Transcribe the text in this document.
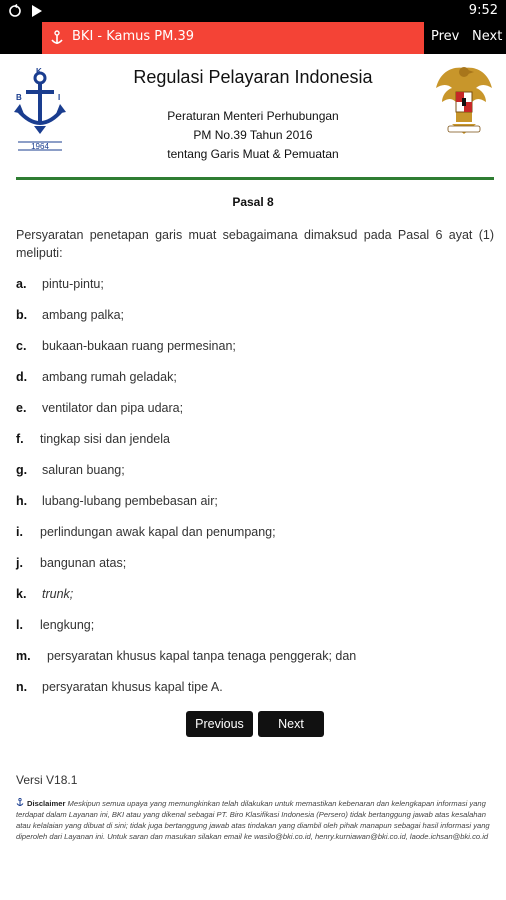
9:52
BKI - Kamus PM.39	Prev Next
B
K
I
1964
Regulasi Pelayaran Indonesia
Peraturan Menteri Perhubungan
PM No.39 Tahun 2016
tentang Garis Muat & Pemuatan
Pasal 8
Persyaratan penetapan garis muat sebagaimana dimaksud pada Pasal 6 ayat (1) meliputi:
a. pintu-pintu;
b. ambang palka;
c. bukaan-bukaan ruang permesinan;
d. ambang rumah geladak;
e. ventilator dan pipa udara;
f. tingkap sisi dan jendela
g. saluran buang;
h. lubang-lubang pembebasan air;
i. perlindungan awak kapal dan penumpang;
j. bangunan atas;
k. trunk;
l. lengkung;
m. persyaratan khusus kapal tanpa tenaga penggerak; dan
n. persyaratan khusus kapal tipe A.
Previous	Next
Versi V18.1
Disclaimer Meskipun semua upaya yang memungkinkan telah dilakukan untuk memastikan kebenaran dan kelengkapan informasi yang terdapat dalam Layanan ini, BKI atau yang dikenal sebagai PT. Biro Klasifikasi Indonesia (Persero) tidak bertanggung jawab atas kesalahan atau kelalaian yang dibuat di sini; tidak juga bertanggung jawab atas tindakan yang diambil oleh pihak manapun sebagai hasil informasi yang diperoleh dari Layanan ini. Untuk saran dan masukan silakan email ke wasilo@bki.co.id, henry.kurniawan@bki.co.id, laode.ichsan@bki.co.id
